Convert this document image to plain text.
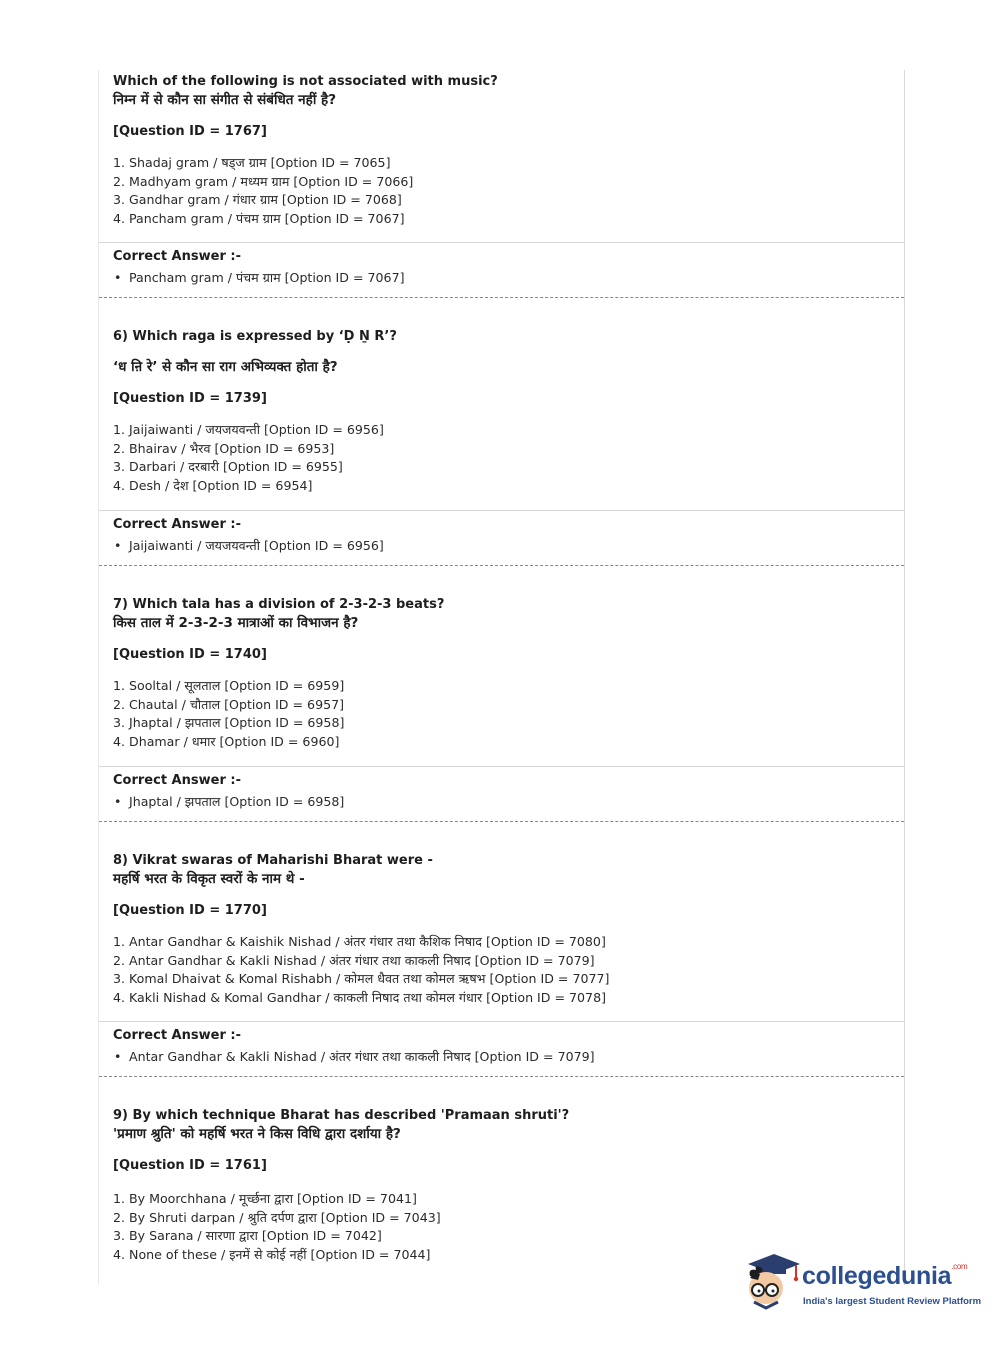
Which of the following is not associated with music?

निम्न में से कौन सा संगीत से संबंधित नहीं है?

[Question ID = 1767]

1. Shadaj gram / षड्ज ग्राम [Option ID = 7065]

2. Madhyam gram / मध्यम ग्राम [Option ID = 7066]

3. Gandhar gram / गंधार ग्राम [Option ID = 7068]

4. Pancham gram / पंचम ग्राम [Option ID = 7067]

Correct Answer :-

• Pancham gram / पंचम ग्राम [Option ID = 7067]

6) Which raga is expressed by ‘Ḍ Ṉ R’?

‘ध ऩि रे’ से कौन सा राग अभिव्यक्त होता है?

[Question ID = 1739]

1. Jaijaiwanti / जयजयवन्ती [Option ID = 6956]

2. Bhairav / भैरव [Option ID = 6953]

3. Darbari / दरबारी [Option ID = 6955]

4. Desh / देश [Option ID = 6954]

Correct Answer :-

• Jaijaiwanti / जयजयवन्ती [Option ID = 6956]

7) Which tala has a division of 2-3-2-3 beats?

किस ताल में 2-3-2-3 मात्राओं का विभाजन है?

[Question ID = 1740]

1. Sooltal / सूलताल [Option ID = 6959]

2. Chautal / चौताल [Option ID = 6957]

3. Jhaptal / झपताल [Option ID = 6958]

4. Dhamar / धमार [Option ID = 6960]

Correct Answer :-

• Jhaptal / झपताल [Option ID = 6958]

8) Vikrat swaras of Maharishi Bharat were -

महर्षि भरत के विकृत स्वरों के नाम थे -

[Question ID = 1770]

1. Antar Gandhar & Kaishik Nishad / अंतर गंधार तथा कैशिक निषाद [Option ID = 7080]

2. Antar Gandhar & Kakli Nishad / अंतर गंधार तथा काकली निषाद [Option ID = 7079]

3. Komal Dhaivat & Komal Rishabh / कोमल धैवत तथा कोमल ऋषभ [Option ID = 7077]

4. Kakli Nishad & Komal Gandhar / काकली निषाद तथा कोमल गंधार [Option ID = 7078]

Correct Answer :-

• Antar Gandhar & Kakli Nishad / अंतर गंधार तथा काकली निषाद [Option ID = 7079]

9) By which technique Bharat has described 'Pramaan shruti'?

'प्रमाण श्रुति' को महर्षि भरत ने किस विधि द्वारा दर्शाया है?

[Question ID = 1761]

1. By Moorchhana / मूर्च्छना द्वारा [Option ID = 7041]

2. By Shruti darpan / श्रुति दर्पण द्वारा [Option ID = 7043]

3. By Sarana / सारणा द्वारा [Option ID = 7042]

4. None of these / इनमें से कोई नहीं [Option ID = 7044]

collegedunia$^{.com}$
India's largest Student Review Platform
